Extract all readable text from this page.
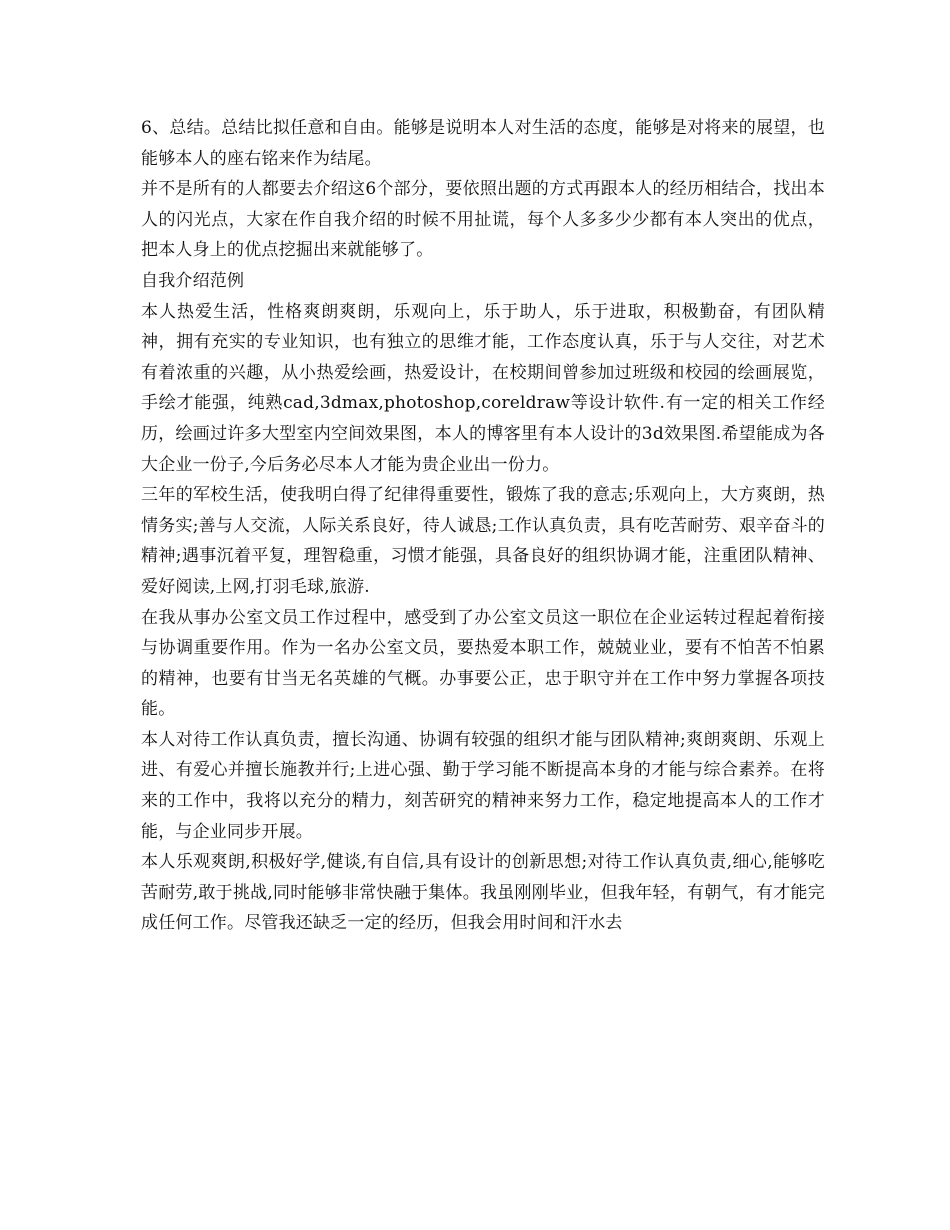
6、总结。总结比拟任意和自由。能够是说明本人对生活的态度，能够是对将来的展望，也能够本人的座右铭来作为结尾。

并不是所有的人都要去介绍这6个部分，要依照出题的方式再跟本人的经历相结合，找出本人的闪光点，大家在作自我介绍的时候不用扯谎，每个人多多少少都有本人突出的优点，把本人身上的优点挖掘出来就能够了。

自我介绍范例

本人热爱生活，性格爽朗爽朗，乐观向上，乐于助人，乐于进取，积极勤奋，有团队精神，拥有充实的专业知识，也有独立的思维才能，工作态度认真，乐于与人交往，对艺术有着浓重的兴趣，从小热爱绘画，热爱设计，在校期间曾参加过班级和校园的绘画展览，手绘才能强，纯熟cad,3dmax,photoshop,coreldraw等设计软件.有一定的相关工作经历，绘画过许多大型室内空间效果图，本人的博客里有本人设计的3d效果图.希望能成为各大企业一份子,今后务必尽本人才能为贵企业出一份力。

三年的军校生活，使我明白得了纪律得重要性，锻炼了我的意志;乐观向上，大方爽朗，热情务实;善与人交流，人际关系良好，待人诚恳;工作认真负责，具有吃苦耐劳、艰辛奋斗的精神;遇事沉着平复，理智稳重，习惯才能强，具备良好的组织协调才能，注重团队精神、爱好阅读,上网,打羽毛球,旅游.

在我从事办公室文员工作过程中，感受到了办公室文员这一职位在企业运转过程起着衔接与协调重要作用。作为一名办公室文员，要热爱本职工作，兢兢业业，要有不怕苦不怕累的精神，也要有甘当无名英雄的气概。办事要公正，忠于职守并在工作中努力掌握各项技能。

本人对待工作认真负责，擅长沟通、协调有较强的组织才能与团队精神;爽朗爽朗、乐观上进、有爱心并擅长施教并行;上进心强、勤于学习能不断提高本身的才能与综合素养。在将来的工作中，我将以充分的精力，刻苦研究的精神来努力工作，稳定地提高本人的工作才能，与企业同步开展。

本人乐观爽朗,积极好学,健谈,有自信,具有设计的创新思想;对待工作认真负责,细心,能够吃苦耐劳,敢于挑战,同时能够非常快融于集体。我虽刚刚毕业，但我年轻，有朝气，有才能完成任何工作。尽管我还缺乏一定的经历，但我会用时间和汗水去
